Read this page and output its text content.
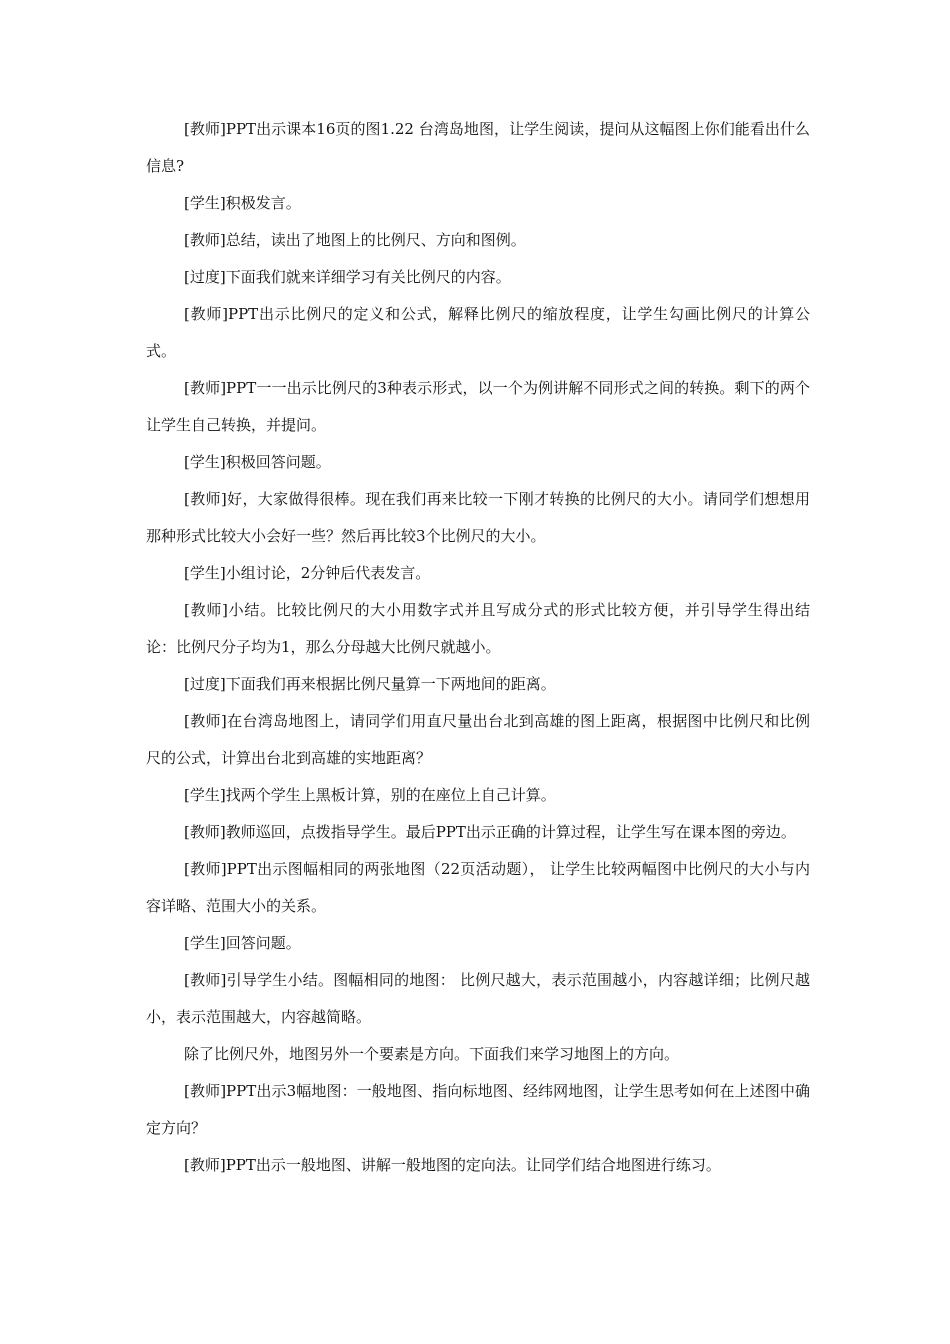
[教师]PPT出示课本16页的图1.22 台湾岛地图，让学生阅读，提问从这幅图上你们能看出什么信息?

[学生]积极发言。

[教师]总结，读出了地图上的比例尺、方向和图例。

[过度]下面我们就来详细学习有关比例尺的内容。

[教师]PPT出示比例尺的定义和公式，解释比例尺的缩放程度，让学生勾画比例尺的计算公式。

[教师]PPT一一出示比例尺的3种表示形式，以一个为例讲解不同形式之间的转换。剩下的两个让学生自己转换，并提问。

[学生]积极回答问题。

[教师]好，大家做得很棒。现在我们再来比较一下刚才转换的比例尺的大小。请同学们想想用那种形式比较大小会好一些？然后再比较3个比例尺的大小。

[学生]小组讨论，2分钟后代表发言。

[教师]小结。比较比例尺的大小用数字式并且写成分式的形式比较方便，并引导学生得出结论：比例尺分子均为1，那么分母越大比例尺就越小。

[过度]下面我们再来根据比例尺量算一下两地间的距离。

[教师]在台湾岛地图上，请同学们用直尺量出台北到高雄的图上距离，根据图中比例尺和比例尺的公式，计算出台北到高雄的实地距离？

[学生]找两个学生上黑板计算，别的在座位上自己计算。

[教师]教师巡回，点拨指导学生。最后PPT出示正确的计算过程，让学生写在课本图的旁边。

[教师]PPT出示图幅相同的两张地图（22页活动题）， 让学生比较两幅图中比例尺的大小与内容详略、范围大小的关系。

[学生]回答问题。

[教师]引导学生小结。图幅相同的地图： 比例尺越大，表示范围越小，内容越详细；比例尺越小，表示范围越大，内容越简略。

除了比例尺外，地图另外一个要素是方向。下面我们来学习地图上的方向。

[教师]PPT出示3幅地图：一般地图、指向标地图、经纬网地图，让学生思考如何在上述图中确定方向？

[教师]PPT出示一般地图、讲解一般地图的定向法。让同学们结合地图进行练习。
